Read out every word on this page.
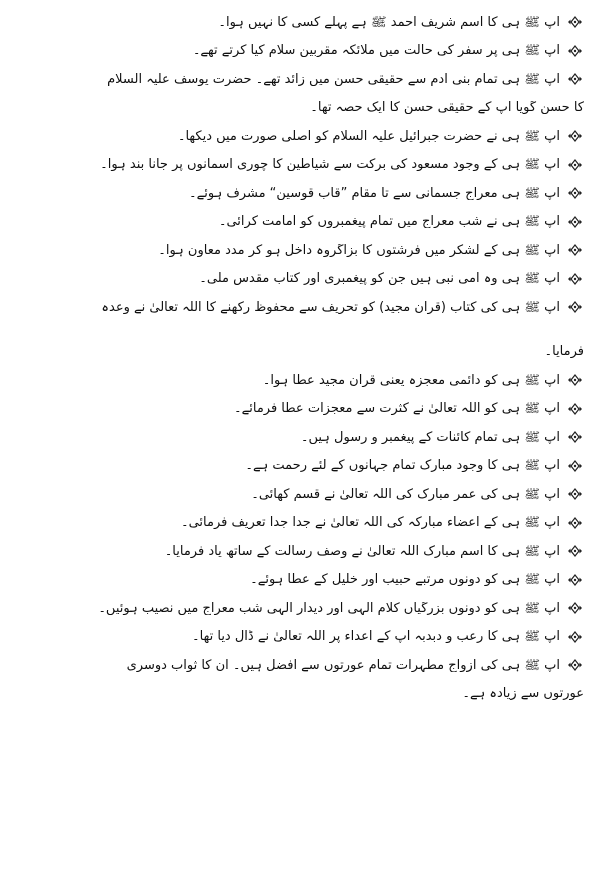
آپ ﷺ ہی کا اسم شریف احمد ﷺ ہے پہلے کسی کا نہیں ہوا۔
آپ ﷺ ہی پر سفر کی حالت میں ملائکہ مقربین سلام کیا کرتے تھے۔
آپ ﷺ ہی تمام بنی آدم سے حقیقی حسن میں زائد تھے۔ حضرت یوسف علیہ السلام
کا حسن گویا آپ کے حقیقی حسن کا ایک حصہ تھا۔
آپ ﷺ ہی نے حضرت جبرائیل علیہ السلام کو اصلی صورت میں دیکھا۔
آپ ﷺ ہی کے وجود مسعود کی برکت سے شیاطین کا چوری آسمانوں پر جانا بند ہوا۔
آپ ﷺ ہی معراج جسمانی سے تا مقام ”قاب قوسین“ مشرف ہوئے۔
آپ ﷺ ہی نے شب معراج میں تمام پیغمبروں کو امامت کرائی۔
آپ ﷺ ہی کے لشکر میں فرشتوں کا بزاگروہ داخل ہو کر مدد معاون ہوا۔
آپ ﷺ ہی وہ امی نبی ہیں جن کو پیغمبری اور کتاب مقدس ملی۔
آپ ﷺ ہی کی کتاب (قرآن مجید) کو تحریف سے محفوظ رکھنے کا اللہ تعالیٰ نے وعدہ
فرمایا۔
آپ ﷺ ہی کو دائمی معجزہ یعنی قرآن مجید عطا ہوا۔
آپ ﷺ ہی کو اللہ تعالیٰ نے کثرت سے معجزات عطا فرمائے۔
آپ ﷺ ہی تمام کائنات کے پیغمبر و رسول ہیں۔
آپ ﷺ ہی کا وجود مبارک تمام جہانوں کے لئے رحمت ہے۔
آپ ﷺ ہی کی عمر مبارک کی اللہ تعالیٰ نے قسم کھائی۔
آپ ﷺ ہی کے اعضاء مبارکہ کی اللہ تعالیٰ نے جدا جدا تعریف فرمائی۔
آپ ﷺ ہی کا اسم مبارک اللہ تعالیٰ نے وصف رسالت کے ساتھ یاد فرمایا۔
آپ ﷺ ہی کو دونوں مرتبے حبیب اور خلیل کے عطا ہوئے۔
آپ ﷺ ہی کو دونوں بزرگیاں کلام الٰہی اور دیدار الٰہی شب معراج میں نصیب ہوئیں۔
آپ ﷺ ہی کا رعب و دبدبہ آپ کے اعداء پر اللہ تعالیٰ نے ڈال دیا تھا۔
آپ ﷺ ہی کی ازواج مطہرات تمام عورتوں سے افضل ہیں۔ ان کا ثواب دوسری
عورتوں سے زیادہ ہے۔
